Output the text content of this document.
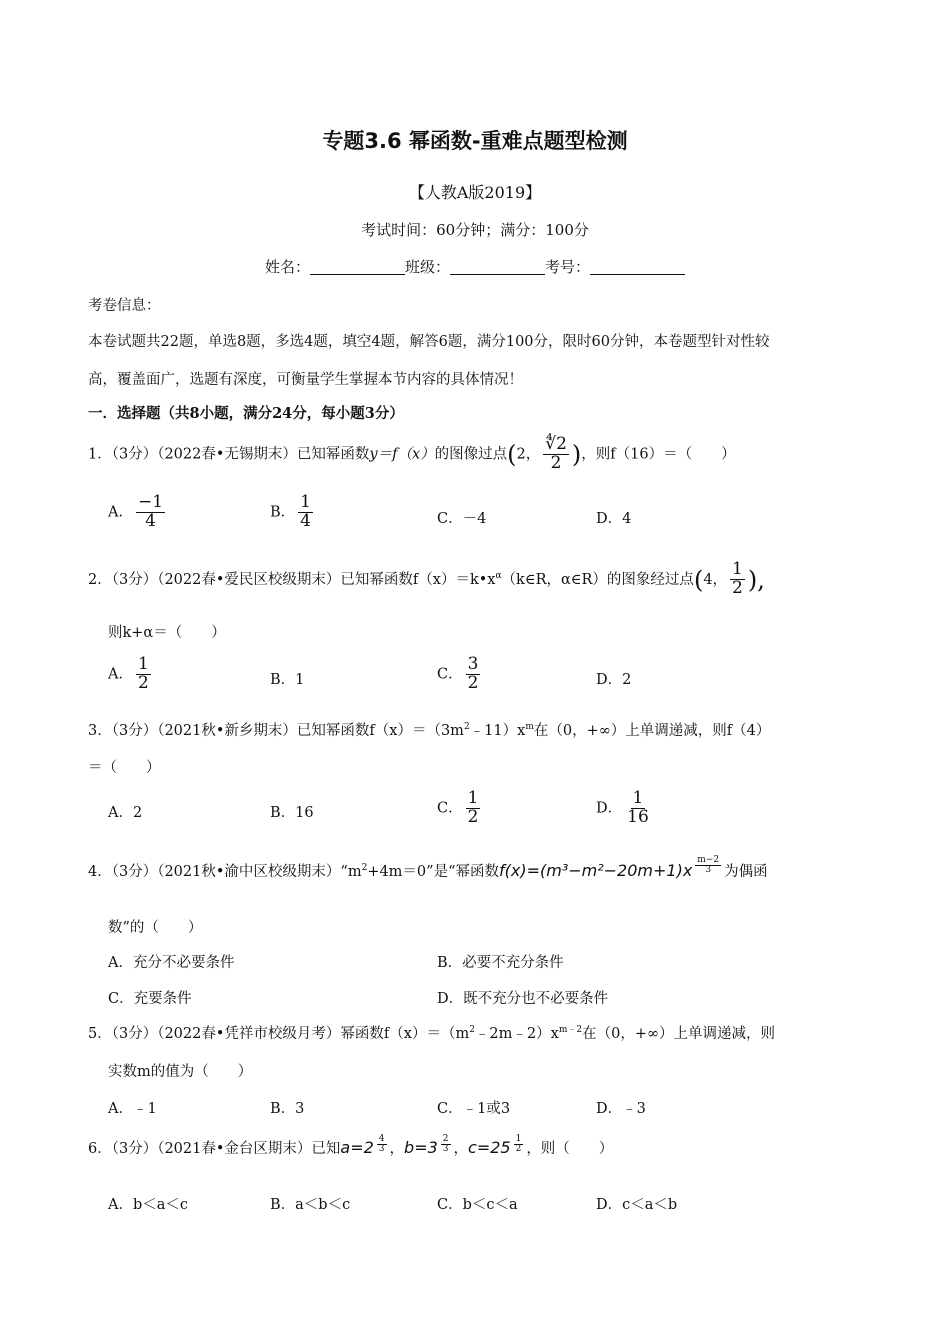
专题3.6 幂函数-重难点题型检测
【人教A版2019】
考试时间：60分钟；满分：100分
姓名：	班级：	考号：
考卷信息：
本卷试题共22题，单选8题，多选4题，填空4题，解答6题，满分100分，限时60分钟，本卷题型针对性较
高，覆盖面广，选题有深度，可衡量学生掌握本节内容的具体情况！
一．选择题（共8小题，满分24分，每小题3分）
1．（3分）（2022春•无锡期末）已知幂函数y＝f（x）的图像过点(2， $\frac{∜2}{2}$ )，则f（16）＝（　　）
A． $\frac{-1}{4}$	B． $\frac{1}{4}$	C．－4	D．4
2．（3分）（2022春•爱民区校级期末）已知幂函数$f(x)=k•x^\alpha(k\in R$，α∈R）的图象经过点(4， $\frac{1}{2}$ ),
则k+α＝（　　）
A． $\frac{1}{2}$	B．1	C． $\frac{3}{2}$	D．2
3．（3分）（2021秋•新乡期末）已知幂函数$f(x)=(3m^2﹣11)x^m$在（0，+∞）上单调递减，则f（4）
＝（　　）
A．2	B．16	C． $\frac{1}{2}$	D． $\frac{1}{16}$
4．（3分）（2021秋•渝中区校级期末）“$m^2+4m=0$”是“幂函数$f(x)=(m^3-m^2-20m+1)x \frac{m-2}{3}$ 为偶函
数”的（　　）
A．充分不必要条件	B．必要不充分条件
C．充要条件	D．既不充分也不必要条件
5．（3分）（2022春•凭祥市校级月考）幂函数$f(x)=(m^2﹣2m﹣2)x^{m﹣2}$在（0，+∞）上单调递减，则
实数m的值为（　　）
A．﹣1	B．3	C．﹣1或3	D．﹣3
6．（3分）（2021春•金台区期末）已知$a=2 \frac{4}{3}$ ，$b=3 \frac{2}{3}$ ，$c=25 \frac{1}{2}$ ，则（　　）
A．b＜a＜c	B．a＜b＜c	C．b＜c＜a	D．c＜a＜b
